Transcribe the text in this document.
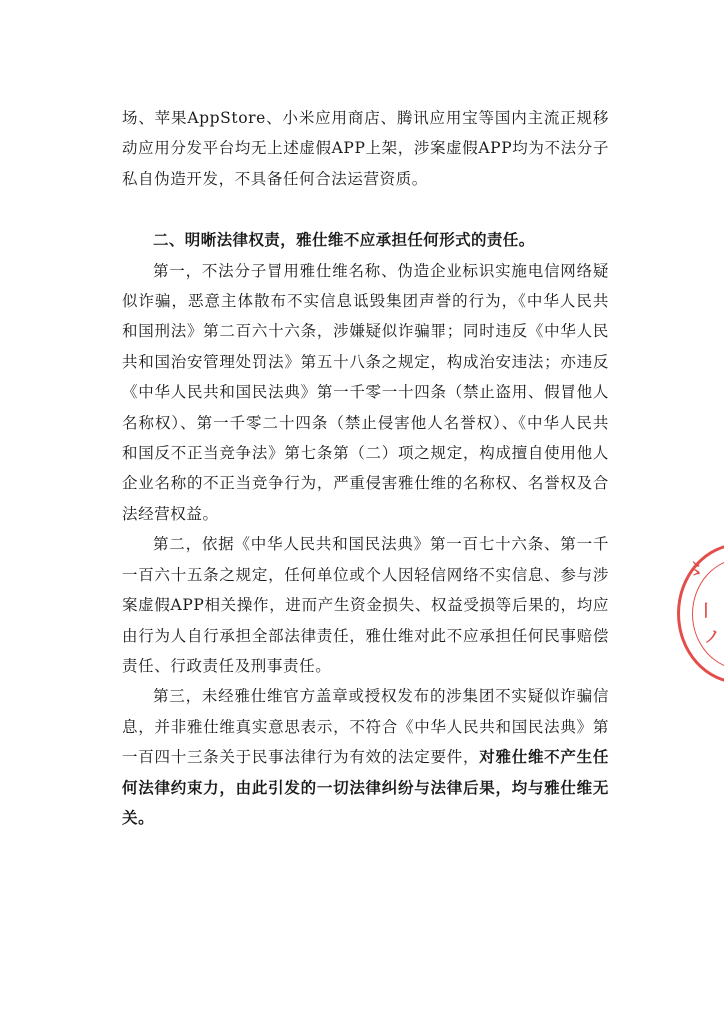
场、苹果AppStore、小米应用商店、腾讯应用宝等国内主流正规移动应用分发平台均无上述虚假APP上架，涉案虚假APP均为不法分子私自伪造开发，不具备任何合法运营资质。

二、明晰法律权责，雅仕维不应承担任何形式的责任。

第一，不法分子冒用雅仕维名称、伪造企业标识实施电信网络疑似诈骗，恶意主体散布不实信息诋毁集团声誉的行为，《中华人民共和国刑法》第二百六十六条，涉嫌疑似诈骗罪；同时违反《中华人民共和国治安管理处罚法》第五十八条之规定，构成治安违法；亦违反《中华人民共和国民法典》第一千零一十四条（禁止盗用、假冒他人名称权）、第一千零二十四条（禁止侵害他人名誉权）、《中华人民共和国反不正当竞争法》第七条第（二）项之规定，构成擅自使用他人企业名称的不正当竞争行为，严重侵害雅仕维的名称权、名誉权及合法经营权益。

第二，依据《中华人民共和国民法典》第一百七十六条、第一千一百六十五条之规定，任何单位或个人因轻信网络不实信息、参与涉案虚假APP相关操作，进而产生资金损失、权益受损等后果的，均应由行为人自行承担全部法律责任，雅仕维对此不应承担任何民事赔偿责任、行政责任及刑事责任。

第三，未经雅仕维官方盖章或授权发布的涉集团不实疑似诈骗信息，并非雅仕维真实意思表示，不符合《中华人民共和国民法典》第一百四十三条关于民事法律行为有效的法定要件，对雅仕维不产生任何法律约束力，由此引发的一切法律纠纷与法律后果，均与雅仕维无关。

〻
丨
ノ
